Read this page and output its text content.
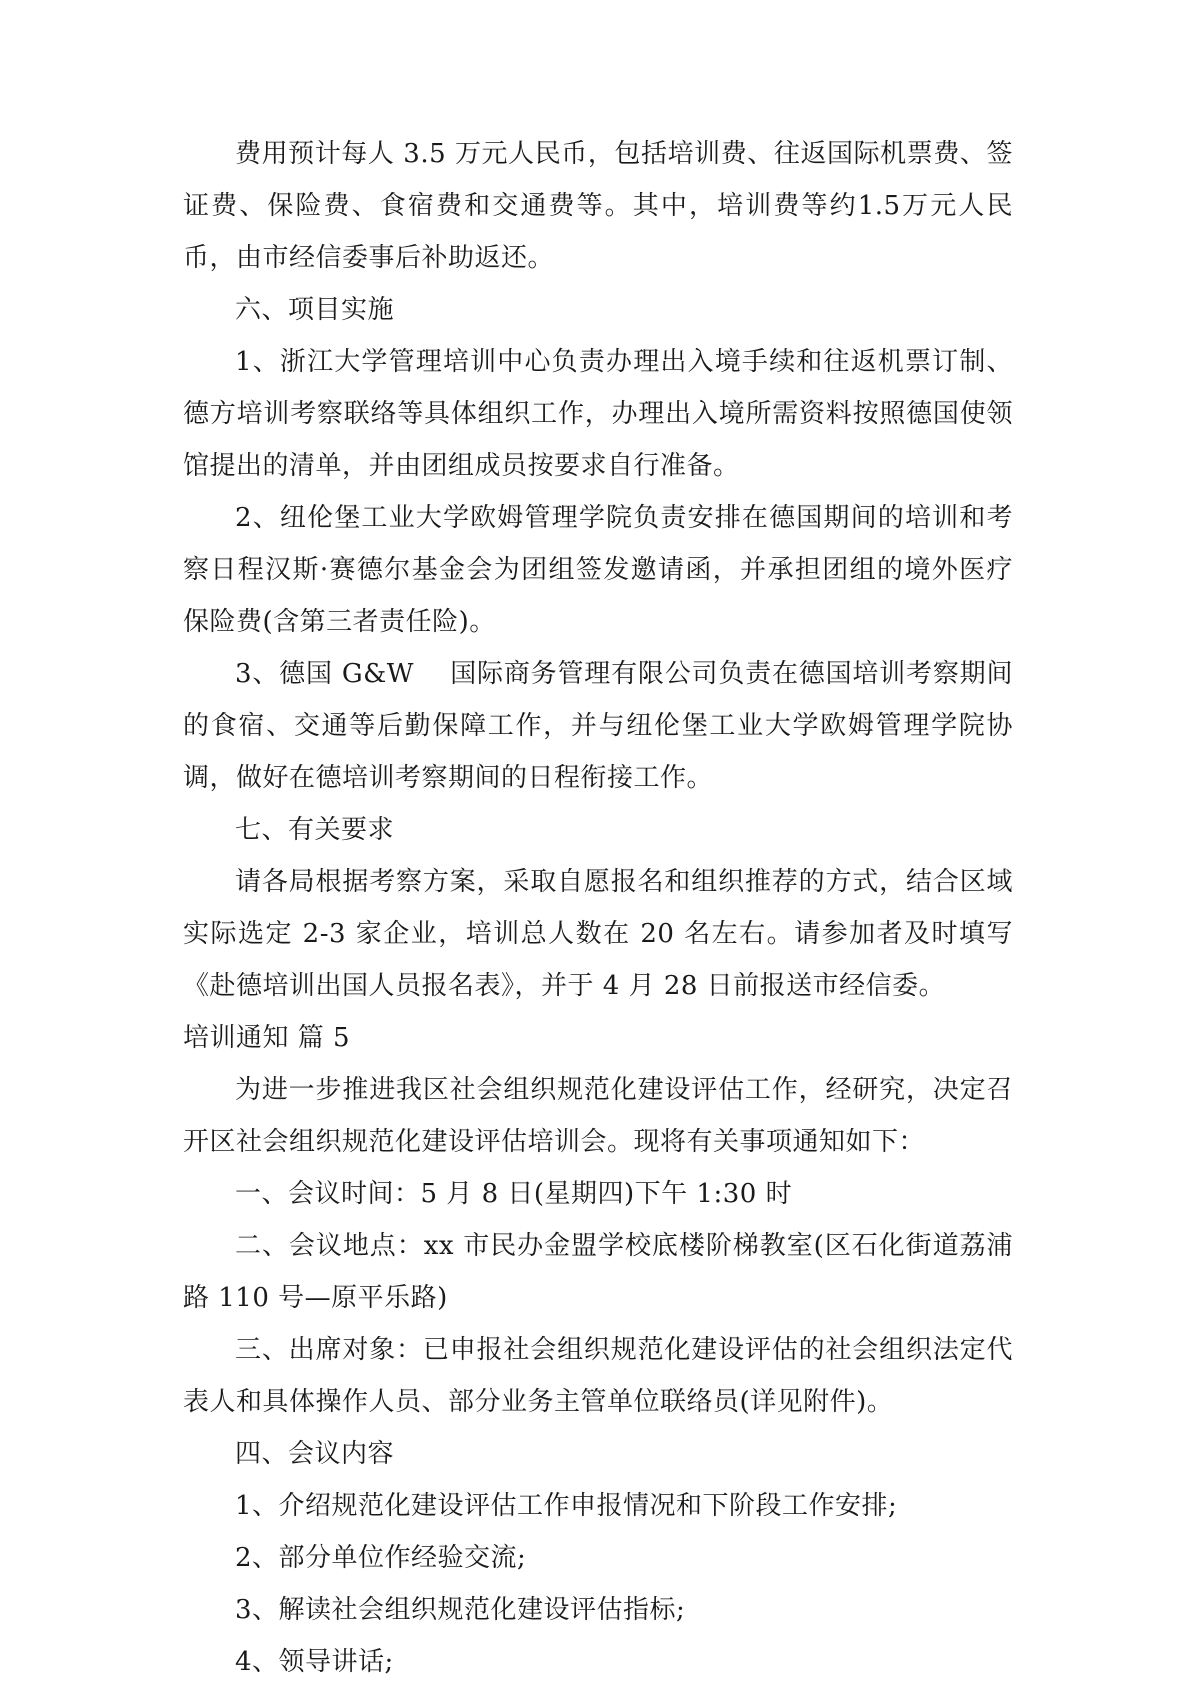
费用预计每人 3.5 万元人民币，包括培训费、往返国际机票费、签证费、保险费、食宿费和交通费等。其中，培训费等约1.5万元人民币，由市经信委事后补助返还。

六、项目实施

1、浙江大学管理培训中心负责办理出入境手续和往返机票订制、德方培训考察联络等具体组织工作，办理出入境所需资料按照德国使领馆提出的清单，并由团组成员按要求自行准备。

2、纽伦堡工业大学欧姆管理学院负责安排在德国期间的培训和考察日程汉斯·赛德尔基金会为团组签发邀请函，并承担团组的境外医疗保险费(含第三者责任险)。

3、德国 G&W　 国际商务管理有限公司负责在德国培训考察期间的食宿、交通等后勤保障工作，并与纽伦堡工业大学欧姆管理学院协调，做好在德培训考察期间的日程衔接工作。

七、有关要求

请各局根据考察方案，采取自愿报名和组织推荐的方式，结合区域实际选定 2-3 家企业，培训总人数在 20 名左右。请参加者及时填写《赴德培训出国人员报名表》，并于 4 月 28 日前报送市经信委。

培训通知 篇 5

为进一步推进我区社会组织规范化建设评估工作，经研究，决定召开区社会组织规范化建设评估培训会。现将有关事项通知如下：

一、会议时间：5 月 8 日(星期四)下午 1:30 时

二、会议地点：xx 市民办金盟学校底楼阶梯教室(区石化街道荔浦路 110 号—原平乐路)

三、出席对象：已申报社会组织规范化建设评估的社会组织法定代表人和具体操作人员、部分业务主管单位联络员(详见附件)。

四、会议内容

1、介绍规范化建设评估工作申报情况和下阶段工作安排;

2、部分单位作经验交流;

3、解读社会组织规范化建设评估指标;

4、领导讲话;
